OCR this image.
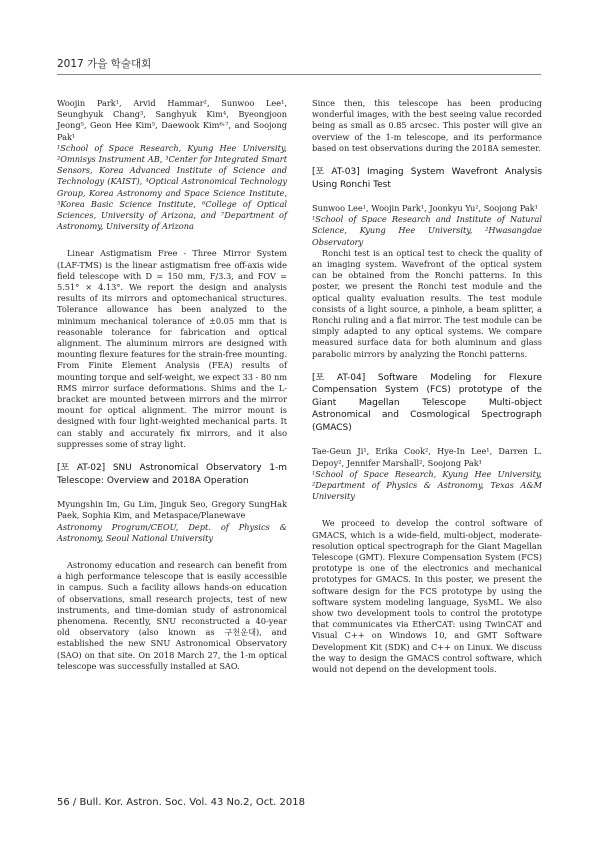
2017 가을 학술대회

Woojin Park¹, Arvid Hammar², Sunwoo Lee¹, Seunghyuk Chang³, Sanghyuk Kim⁴, Byeongjoon Jeong⁵, Geon Hee Kim⁵, Daewook Kim⁶˒⁷, and Soojong Pak¹

¹School of Space Research, Kyung Hee University, ²Omnisys Instrument AB, ³Center for Integrated Smart Sensors, Korea Advanced Institute of Science and Technology (KAIST), ⁴Optical Astronomical Technology Group, Korea Astronomy and Space Science Institute, ⁵Korea Basic Science Institute, ⁶College of Optical Sciences, University of Arizona, and ⁷Department of Astronomy, University of Arizona

Linear Astigmatism Free - Three Mirror System (LAF-TMS) is the linear astigmatism free off-axis wide field telescope with D = 150 mm, F/3.3, and FOV = 5.51° × 4.13°. We report the design and analysis results of its mirrors and optomechanical structures. Tolerance allowance has been analyzed to the minimum mechanical tolerance of ±0.05 mm that is reasonable tolerance for fabrication and optical alignment. The aluminum mirrors are designed with mounting flexure features for the strain-free mounting. From Finite Element Analysis (FEA) results of mounting torque and self-weight, we expect 33 - 80 nm RMS mirror surface deformations. Shims and the L-bracket are mounted between mirrors and the mirror mount for optical alignment. The mirror mount is designed with four light-weighted mechanical parts. It can stably and accurately fix mirrors, and it also suppresses some of stray light.

[포 AT-02] SNU Astronomical Observatory 1-m Telescope: Overview and 2018A Operation

Myungshin Im, Gu Lim, Jinguk Seo, Gregory SungHak Paek, Sophia Kim, and Metaspace/Planewave

Astronomy Program/CEOU, Dept. of Physics & Astronomy, Seoul National University

Astronomy education and research can benefit from a high performance telescope that is easily accessible in campus. Such a facility allows hands-on education of observations, small research projects, test of new instruments, and time-domian study of astronomical phenomena. Recently, SNU reconstructed a 40-year old observatory (also known as 구천운대), and established the new SNU Astronomical Observatory (SAO) on that site. On 2018 March 27, the 1-m optical telescope was successfully installed at SAO.

Since then, this telescope has been producing wonderful images, with the best seeing value recorded being as small as 0.85 arcsec. This poster will give an overview of the 1-m telescope, and its performance based on test observations during the 2018A semester.

[포 AT-03] Imaging System Wavefront Analysis Using Ronchi Test

Sunwoo Lee¹, Woojin Park¹, Joonkyu Yu², Soojong Pak¹

¹School of Space Research and Institute of Natural Science, Kyung Hee University, ²Hwasangdae Observatory

Ronchi test is an optical test to check the quality of an imaging system. Wavefront of the optical system can be obtained from the Ronchi patterns. In this poster, we present the Ronchi test module and the optical quality evaluation results. The test module consists of a light source, a pinhole, a beam splitter, a Ronchi ruling and a flat mirror. The test module can be simply adapted to any optical systems. We compare measured surface data for both aluminum and glass parabolic mirrors by analyzing the Ronchi patterns.

[포 AT-04] Software Modeling for Flexure Compensation System (FCS) prototype of the Giant Magellan Telescope Multi-object Astronomical and Cosmological Spectrograph (GMACS)

Tae-Geun Ji¹, Erika Cook², Hye-In Lee¹, Darren L. Depoy², Jennifer Marshall², Soojong Pak¹

¹School of Space Research, Kyung Hee University, ²Department of Physics & Astronomy, Texas A&M University

We proceed to develop the control software of GMACS, which is a wide-field, multi-object, moderate-resolution optical spectrograph for the Giant Magellan Telescope (GMT). Flexure Compensation System (FCS) prototype is one of the electronics and mechanical prototypes for GMACS. In this poster, we present the software design for the FCS prototype by using the software system modeling language, SysML. We also show two development tools to control the prototype that communicates via EtherCAT: using TwinCAT and Visual C++ on Windows 10, and GMT Software Development Kit (SDK) and C++ on Linux. We discuss the way to design the GMACS control software, which would not depend on the development tools.

56 / Bull. Kor. Astron. Soc. Vol. 43 No.2, Oct. 2018
